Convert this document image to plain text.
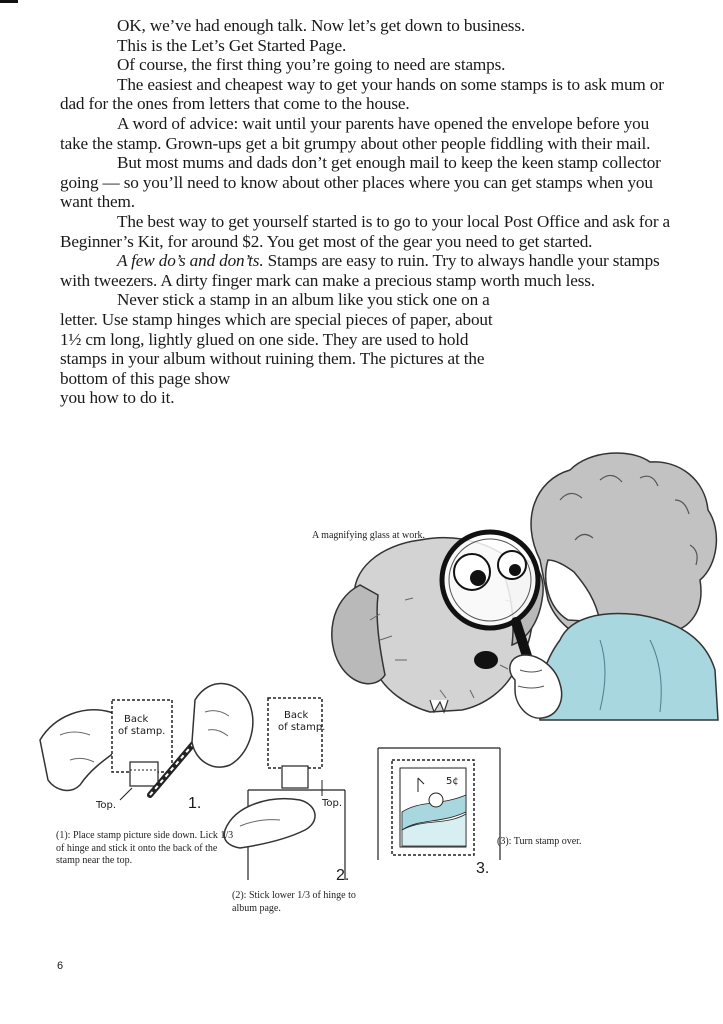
OK, we’ve had enough talk. Now let’s get down to business.

This is the Let’s Get Started Page.

Of course, the first thing you’re going to need are stamps.

The easiest and cheapest way to get your hands on some stamps is to ask mum or dad for the ones from letters that come to the house.

A word of advice: wait until your parents have opened the envelope before you take the stamp. Grown-ups get a bit grumpy about other people fiddling with their mail.

But most mums and dads don’t get enough mail to keep the keen stamp collector going — so you’ll need to know about other places where you can get stamps when you want them.

The best way to get yourself started is to go to your local Post Office and ask for a Beginner’s Kit, for around $2. You get most of the gear you need to get started.

A few do’s and don’ts. Stamps are easy to ruin. Try to always handle your stamps with tweezers. A dirty finger mark can make a precious stamp worth much less.

Never stick a stamp in an album like you stick one on a letter. Use stamp hinges which are special pieces of paper, about 1½ cm long, lightly glued on one side. They are used to hold stamps in your album without ruining them. The pictures at the bottom of this page show

you how to do it.

Back
of stamp.
Top.	1.
Back
of stamp.
Top.
2.
5¢
3.
A magnifying glass at work.
(1): Place stamp picture side down. Lick 1/3 of hinge and stick it onto the back of the stamp near the top.
(2): Stick lower 1/3 of hinge to album page.
(3): Turn stamp over.
6
